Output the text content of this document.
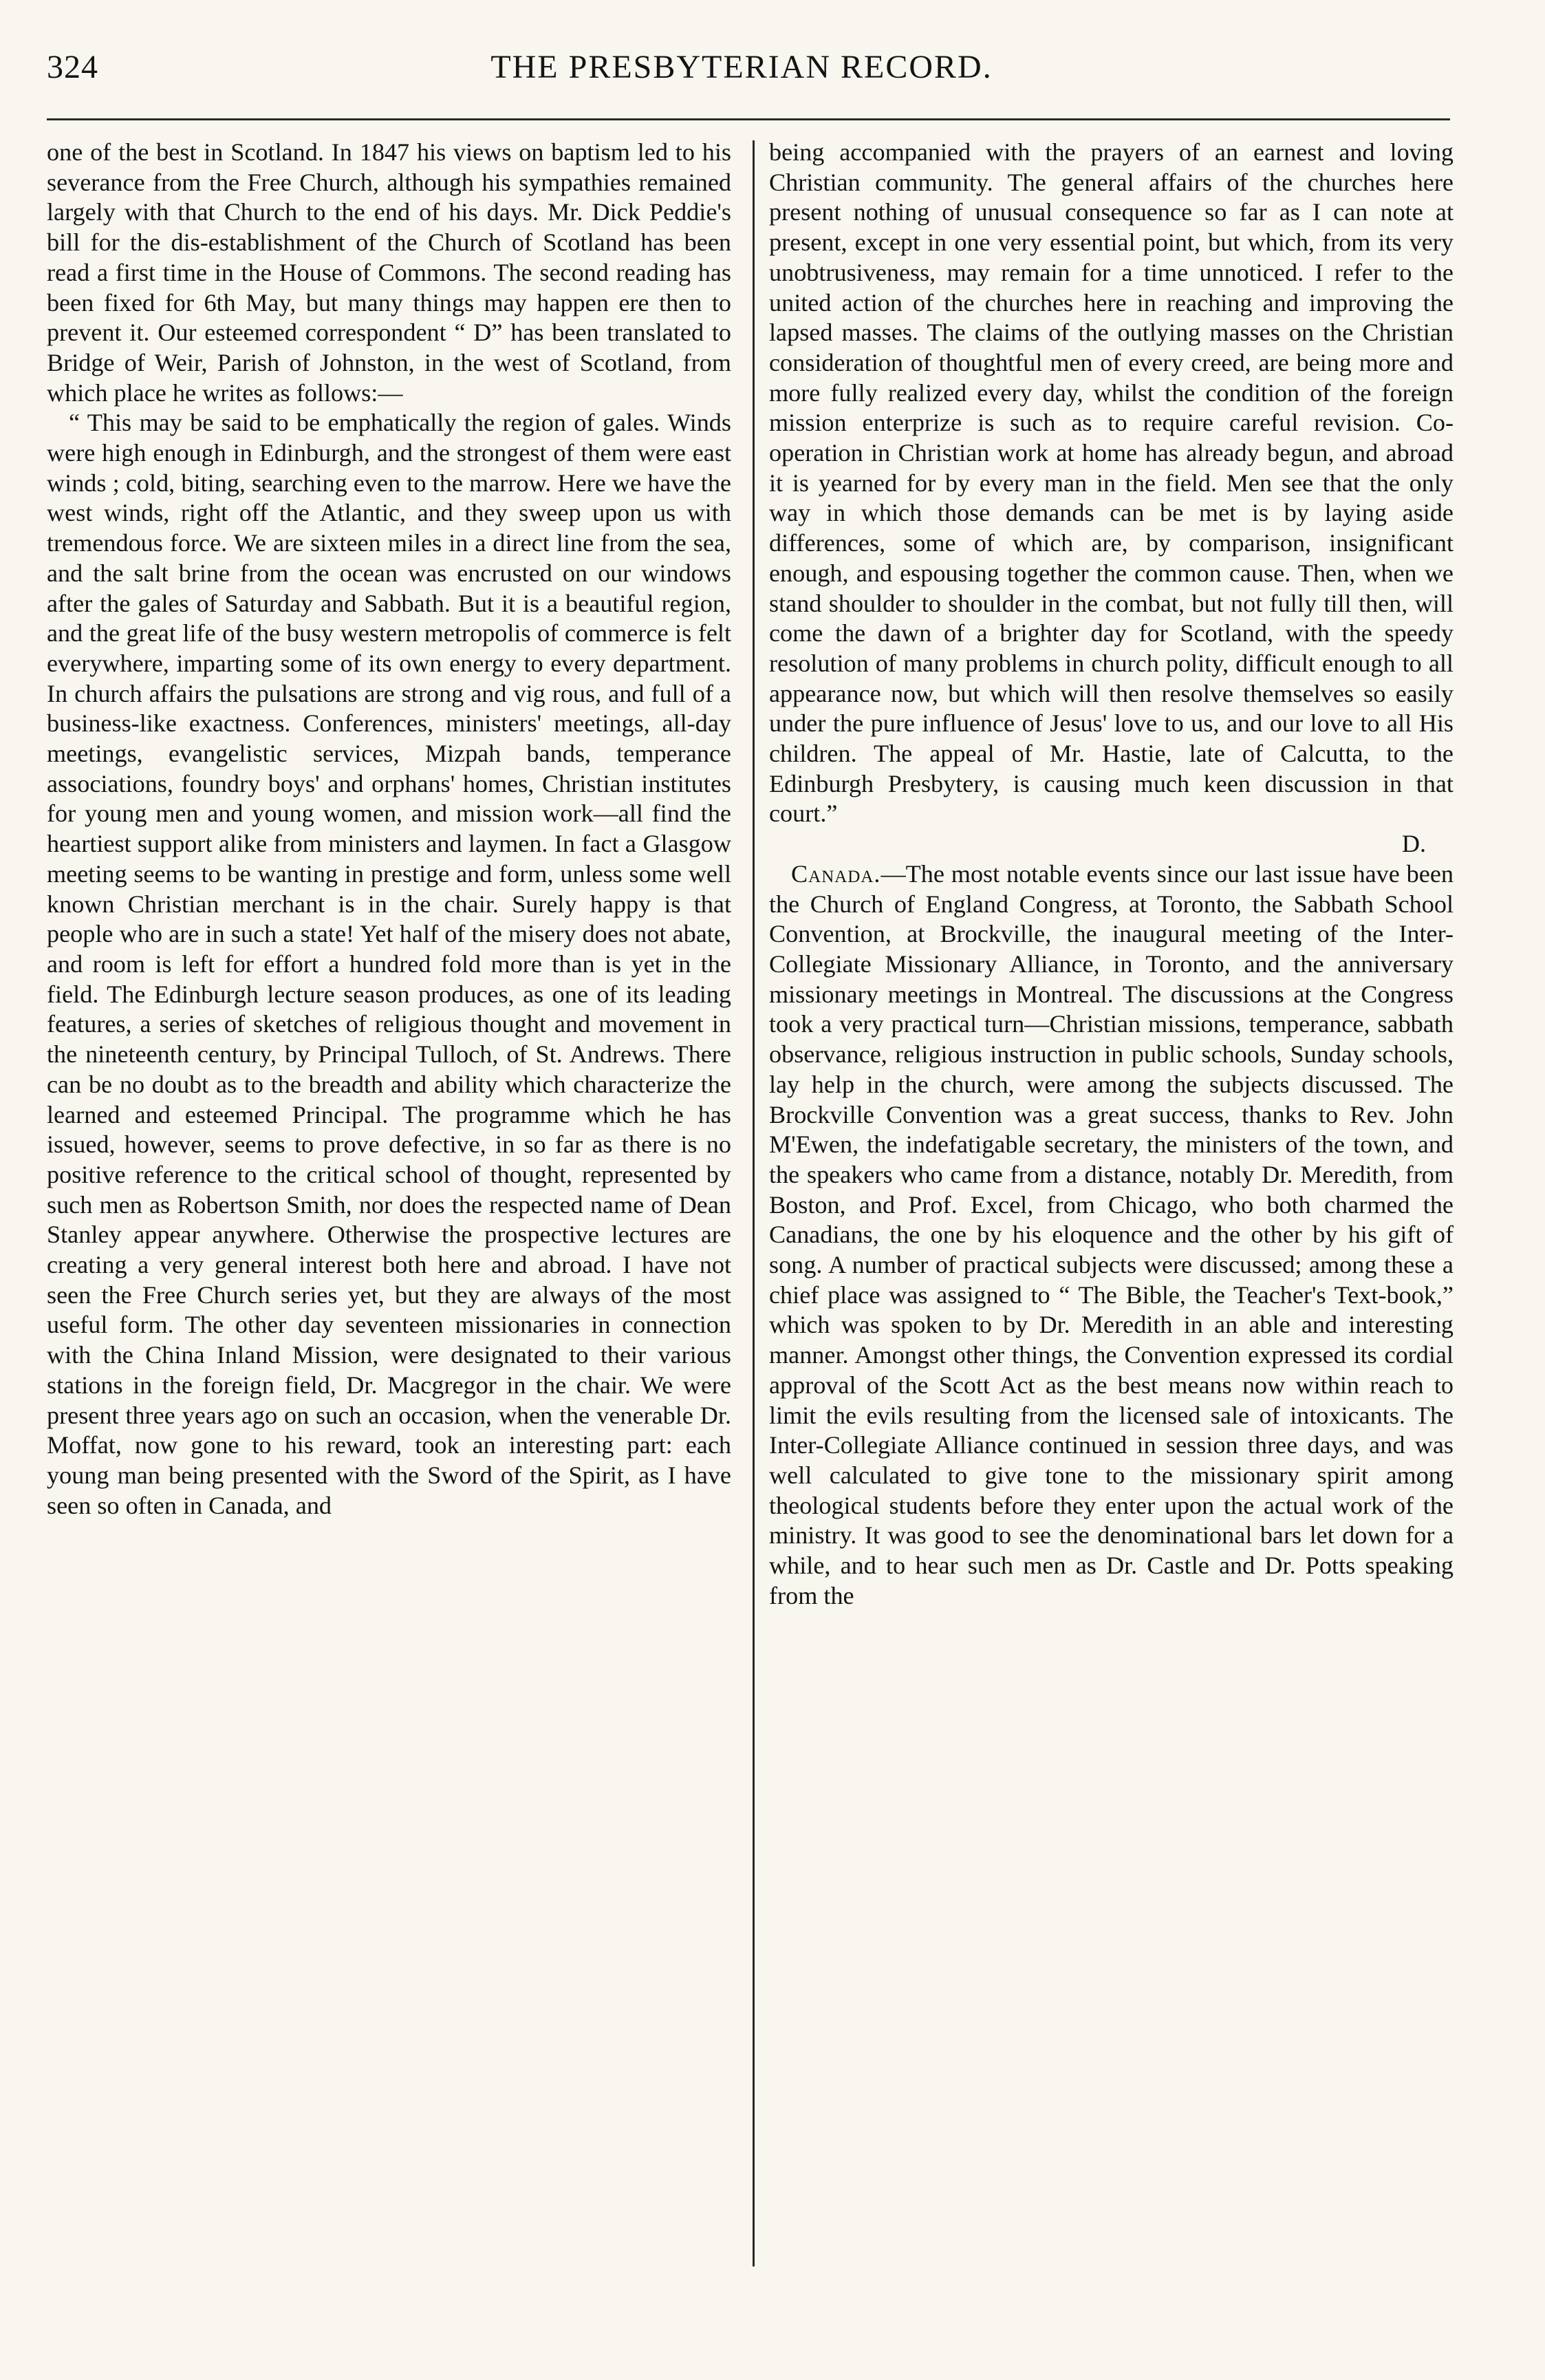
324	THE PRESBYTERIAN RECORD.

one of the best in Scotland. In 1847 his views on baptism led to his severance from the Free Church, although his sympathies remained largely with that Church to the end of his days. Mr. Dick Peddie's bill for the dis-establishment of the Church of Scotland has been read a first time in the House of Commons. The second reading has been fixed for 6th May, but many things may happen ere then to prevent it. Our esteemed correspondent “ D” has been translated to Bridge of Weir, Parish of Johnston, in the west of Scotland, from which place he writes as follows:—

“ This may be said to be emphatically the region of gales. Winds were high enough in Edinburgh, and the strongest of them were east winds ; cold, biting, searching even to the marrow. Here we have the west winds, right off the Atlantic, and they sweep upon us with tremendous force. We are sixteen miles in a direct line from the sea, and the salt brine from the ocean was encrusted on our windows after the gales of Saturday and Sabbath. But it is a beautiful region, and the great life of the busy western metropolis of commerce is felt everywhere, imparting some of its own energy to every department. In church affairs the pulsations are strong and vig rous, and full of a business-like exactness. Conferences, ministers' meetings, all-day meetings, evangelistic services, Mizpah bands, temperance associations, foundry boys' and orphans' homes, Christian institutes for young men and young women, and mission work—all find the heartiest support alike from ministers and laymen. In fact a Glasgow meeting seems to be wanting in prestige and form, unless some well known Christian merchant is in the chair. Surely happy is that people who are in such a state! Yet half of the misery does not abate, and room is left for effort a hundred fold more than is yet in the field. The Edinburgh lecture season produces, as one of its leading features, a series of sketches of religious thought and movement in the nineteenth century, by Principal Tulloch, of St. Andrews. There can be no doubt as to the breadth and ability which characterize the learned and esteemed Principal. The programme which he has issued, however, seems to prove defective, in so far as there is no positive reference to the critical school of thought, represented by such men as Robertson Smith, nor does the respected name of Dean Stanley appear anywhere. Otherwise the prospective lectures are creating a very general interest both here and abroad. I have not seen the Free Church series yet, but they are always of the most useful form. The other day seventeen missionaries in connection with the China Inland Mission, were designated to their various stations in the foreign field, Dr. Macgregor in the chair. We were present three years ago on such an occasion, when the venerable Dr. Moffat, now gone to his reward, took an interesting part: each young man being presented with the Sword of the Spirit, as I have seen so often in Canada, and

being accompanied with the prayers of an earnest and loving Christian community. The general affairs of the churches here present nothing of unusual consequence so far as I can note at present, except in one very essential point, but which, from its very unobtrusiveness, may remain for a time unnoticed. I refer to the united action of the churches here in reaching and improving the lapsed masses. The claims of the outlying masses on the Christian consideration of thoughtful men of every creed, are being more and more fully realized every day, whilst the condition of the foreign mission enterprize is such as to require careful revision. Co-operation in Christian work at home has already begun, and abroad it is yearned for by every man in the field. Men see that the only way in which those demands can be met is by laying aside differences, some of which are, by comparison, insignificant enough, and espousing together the common cause. Then, when we stand shoulder to shoulder in the combat, but not fully till then, will come the dawn of a brighter day for Scotland, with the speedy resolution of many problems in church polity, difficult enough to all appearance now, but which will then resolve themselves so easily under the pure influence of Jesus' love to us, and our love to all His children. The appeal of Mr. Hastie, late of Calcutta, to the Edinburgh Presbytery, is causing much keen discussion in that court.”

D.

Canada.—The most notable events since our last issue have been the Church of England Congress, at Toronto, the Sabbath School Convention, at Brockville, the inaugural meeting of the Inter-Collegiate Missionary Alliance, in Toronto, and the anniversary missionary meetings in Montreal. The discussions at the Congress took a very practical turn—Christian missions, temperance, sabbath observance, religious instruction in public schools, Sunday schools, lay help in the church, were among the subjects discussed. The Brockville Convention was a great success, thanks to Rev. John M'Ewen, the indefatigable secretary, the ministers of the town, and the speakers who came from a distance, notably Dr. Meredith, from Boston, and Prof. Excel, from Chicago, who both charmed the Canadians, the one by his eloquence and the other by his gift of song. A number of practical subjects were discussed; among these a chief place was assigned to “ The Bible, the Teacher's Text-book,” which was spoken to by Dr. Meredith in an able and interesting manner. Amongst other things, the Convention expressed its cordial approval of the Scott Act as the best means now within reach to limit the evils resulting from the licensed sale of intoxicants. The Inter-Collegiate Alliance continued in session three days, and was well calculated to give tone to the missionary spirit among theological students before they enter upon the actual work of the ministry. It was good to see the denominational bars let down for a while, and to hear such men as Dr. Castle and Dr. Potts speaking from the
